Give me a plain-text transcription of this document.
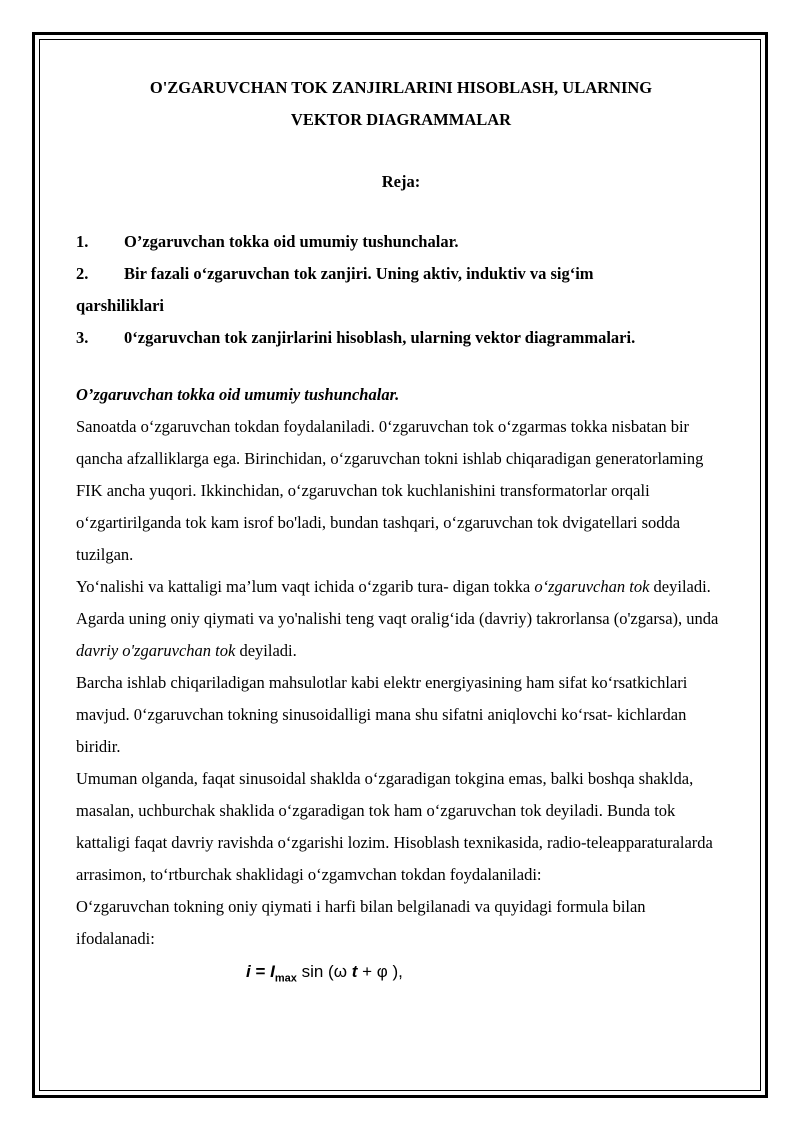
O'ZGARUVCHAN TOK ZANJIRLARINI HISOBLASH, ULARNING

VEKTOR DIAGRAMMALAR

Reja:

1. O’zgaruvchan tokka oid umumiy tushunchalar.

2. Bir fazali o‘zgaruvchan tok zanjiri. Uning aktiv, induktiv va sig‘im

qarshiliklari

3. 0‘zgaruvchan tok zanjirlarini hisoblash, ularning vektor diagrammalari.

O’zgaruvchan tokka oid umumiy tushunchalar.

Sanoatda o‘zgaruvchan tokdan foydalaniladi. 0‘zgaruvchan tok o‘zgarmas tokka nisbatan bir qancha afzalliklarga ega. Birinchidan, o‘zgaruvchan tokni ishlab chiqaradigan generatorlaming FIK ancha yuqori. Ikkinchidan, o‘zgaruvchan tok kuchlanishini transformatorlar orqali o‘zgartirilganda tok kam isrof bo'ladi, bundan tashqari, o‘zgaruvchan tok dvigatellari sodda tuzilgan.

Yo‘nalishi va kattaligi ma’lum vaqt ichida o‘zgarib tura- digan tokka o‘zgaruvchan tok deyiladi. Agarda uning oniy qiymati va yo'nalishi teng vaqt oralig‘ida (davriy) takrorlansa (o'zgarsa), unda davriy o'zgaruvchan tok deyiladi.

Barcha ishlab chiqariladigan mahsulotlar kabi elektr energiyasining ham sifat ko‘rsatkichlari mavjud. 0‘zgaruvchan tokning sinusoidalligi mana shu sifatni aniqlovchi ko‘rsat- kichlardan biridir.

Umuman olganda, faqat sinusoidal shaklda o‘zgaradigan tokgina emas, balki boshqa shaklda, masalan, uchburchak shaklida o‘zgaradigan tok ham o‘zgaruvchan tok deyiladi. Bunda tok kattaligi faqat davriy ravishda o‘zgarishi lozim. Hisoblash texnikasida, radio-teleapparaturalarda arrasimon, to‘rtburchak shaklidagi o‘zgamvchan tokdan foydalaniladi:

O‘zgaruvchan tokning oniy qiymati i harfi bilan belgilanadi va quyidagi formula bilan ifodalanadi:

$i = I_{max}$ sin (ω t + φ ),
